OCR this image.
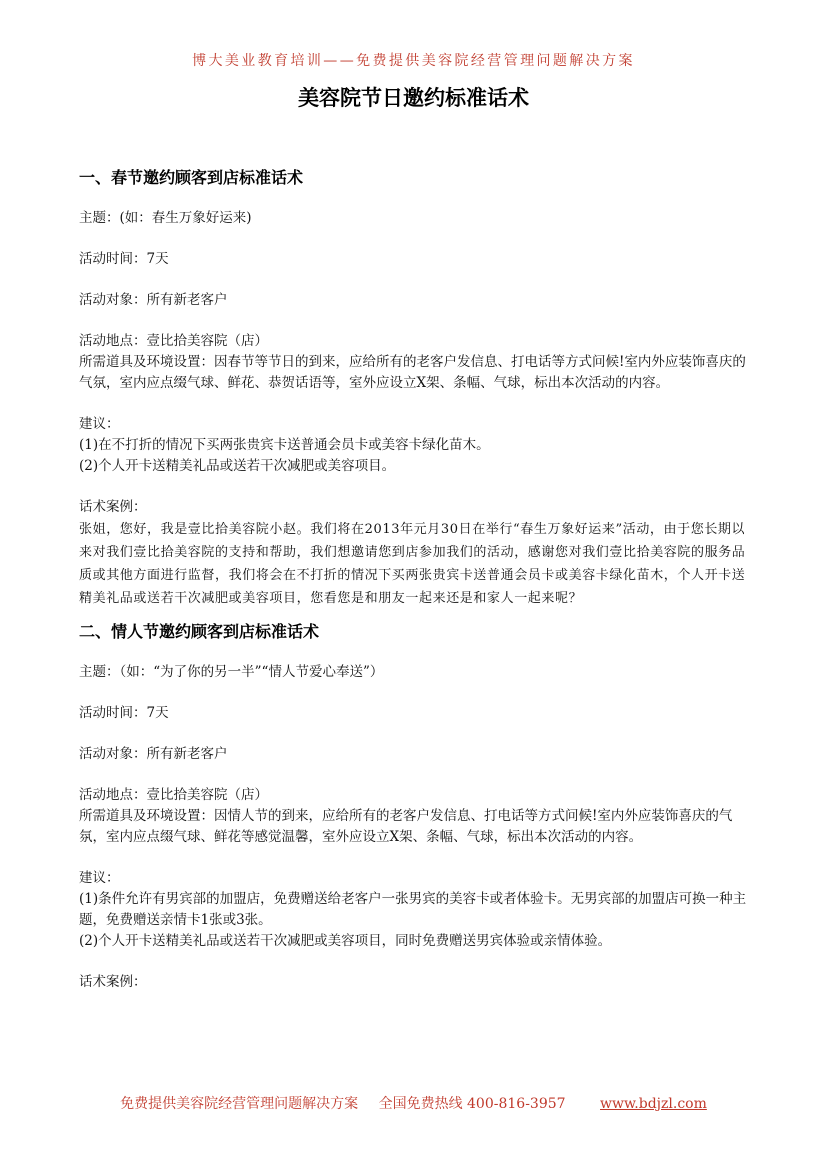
博大美业教育培训——免费提供美容院经营管理问题解决方案
美容院节日邀约标准话术

一、春节邀约顾客到店标准话术

主题：(如：春生万象好运来)

活动时间：7天

活动对象：所有新老客户

活动地点：壹比拾美容院（店）

所需道具及环境设置：因春节等节日的到来，应给所有的老客户发信息、打电话等方式问候!室内外应装饰喜庆的气氛，室内应点缀气球、鲜花、恭贺话语等，室外应设立X架、条幅、气球，标出本次活动的内容。

建议：

(1)在不打折的情况下买两张贵宾卡送普通会员卡或美容卡绿化苗木。

(2)个人开卡送精美礼品或送若干次减肥或美容项目。

话术案例：

张姐，您好，我是壹比拾美容院小赵。我们将在2013年元月30日在举行“春生万象好运来”活动，由于您长期以来对我们壹比拾美容院的支持和帮助，我们想邀请您到店参加我们的活动，感谢您对我们壹比拾美容院的服务品质或其他方面进行监督，我们将会在不打折的情况下买两张贵宾卡送普通会员卡或美容卡绿化苗木，个人开卡送精美礼品或送若干次减肥或美容项目，您看您是和朋友一起来还是和家人一起来呢？

二、情人节邀约顾客到店标准话术

主题：（如：“为了你的另一半”“情人节爱心奉送”）

活动时间：7天

活动对象：所有新老客户

活动地点：壹比拾美容院（店）

所需道具及环境设置：因情人节的到来，应给所有的老客户发信息、打电话等方式问候!室内外应装饰喜庆的气氛，室内应点缀气球、鲜花等感觉温馨，室外应设立X架、条幅、气球，标出本次活动的内容。

建议：

(1)条件允许有男宾部的加盟店，免费赠送给老客户一张男宾的美容卡或者体验卡。无男宾部的加盟店可换一种主题，免费赠送亲情卡1张或3张。

(2)个人开卡送精美礼品或送若干次减肥或美容项目，同时免费赠送男宾体验或亲情体验。

话术案例：

免费提供美容院经营管理问题解决方案 全国免费热线 400-816-3957 www.bdjzl.com
